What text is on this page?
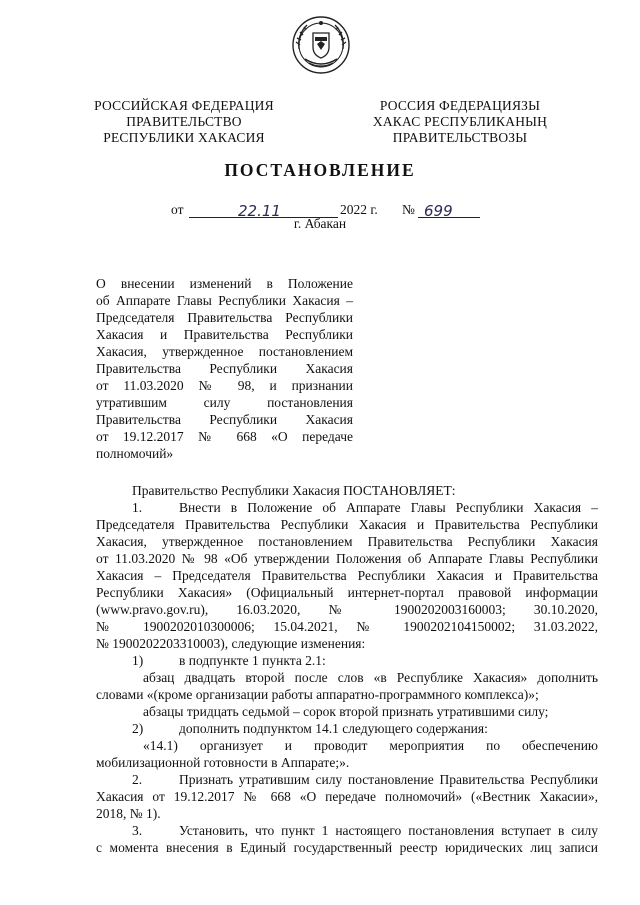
РОССИЙСКАЯ ФЕДЕРАЦИЯ
ПРАВИТЕЛЬСТВО
РЕСПУБЛИКИ ХАКАСИЯ
РОССИЯ ФЕДЕРАЦИЯЗЫ
ХАКАС РЕСПУБЛИКАНЫҢ
ПРАВИТЕЛЬСТВОЗЫ
ПОСТАНОВЛЕНИЕ
от	22.11	2022 г. № 699
г. Абакан
О внесении изменений в Положение
об Аппарате Главы Республики Хакасия –
Председателя Правительства Республики
Хакасия и Правительства Республики
Хакасия, утвержденное постановлением
Правительства Республики Хакасия
от 11.03.2020 № 98, и признании
утратившим силу постановления
Правительства Республики Хакасия
от 19.12.2017 № 668 «О передаче
полномочий»
Правительство Республики Хакасия ПОСТАНОВЛЯЕТ:
1.	Внести в Положение об Аппарате Главы Республики Хакасия –
Председателя Правительства Республики Хакасия и Правительства Республики
Хакасия, утвержденное постановлением Правительства Республики Хакасия
от 11.03.2020 № 98 «Об утверждении Положения об Аппарате Главы Республики
Хакасия – Председателя Правительства Республики Хакасия и Правительства
Республики Хакасия» (Официальный интернет-портал правовой информации
(www.pravo.gov.ru), 16.03.2020, № 1900202003160003; 30.10.2020,
№ 1900202010300006; 15.04.2021, № 1900202104150002; 31.03.2022,
№ 1900202203310003), следующие изменения:
1)	в подпункте 1 пункта 2.1:
абзац двадцать второй после слов «в Республике Хакасия» дополнить
словами «(кроме организации работы аппаратно-программного комплекса)»;
абзацы тридцать седьмой – сорок второй признать утратившими силу;
2)	дополнить подпунктом 14.1 следующего содержания:
«14.1) организует и проводит мероприятия по обеспечению
мобилизационной готовности в Аппарате;».
2.	Признать утратившим силу постановление Правительства Республики
Хакасия от 19.12.2017 № 668 «О передаче полномочий» («Вестник Хакасии»,
2018, № 1).
3.	Установить, что пункт 1 настоящего постановления вступает в силу
с момента внесения в Единый государственный реестр юридических лиц записи
